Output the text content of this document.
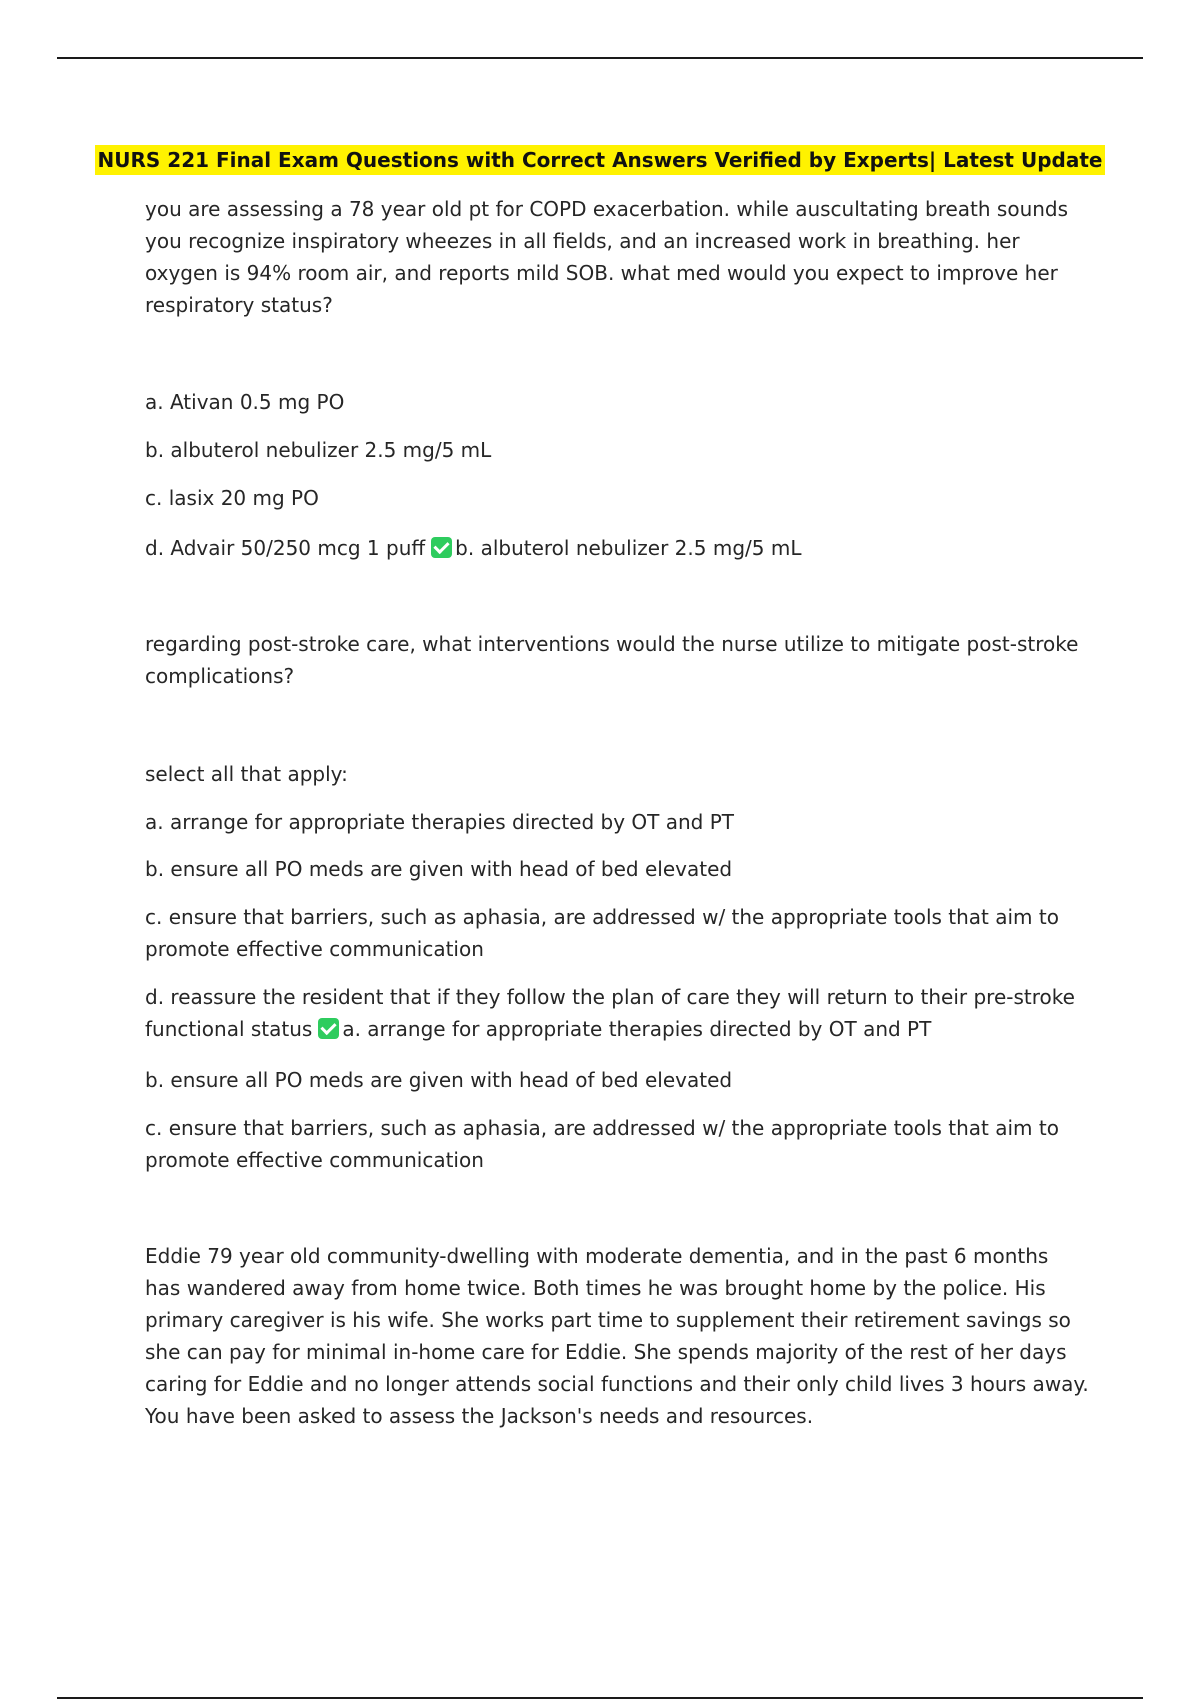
NURS 221 Final Exam Questions with Correct Answers Verified by Experts| Latest Update

you are assessing a 78 year old pt for COPD exacerbation. while auscultating breath sounds you recognize inspiratory wheezes in all fields, and an increased work in breathing. her oxygen is 94% room air, and reports mild SOB. what med would you expect to improve her respiratory status?

a. Ativan 0.5 mg PO

b. albuterol nebulizer 2.5 mg/5 mL

c. lasix 20 mg PO

d. Advair 50/250 mcg 1 puff b. albuterol nebulizer 2.5 mg/5 mL

regarding post-stroke care, what interventions would the nurse utilize to mitigate post-stroke complications?

select all that apply:

a. arrange for appropriate therapies directed by OT and PT

b. ensure all PO meds are given with head of bed elevated

c. ensure that barriers, such as aphasia, are addressed w/ the appropriate tools that aim to promote effective communication

d. reassure the resident that if they follow the plan of care they will return to their pre-stroke functional status a. arrange for appropriate therapies directed by OT and PT

b. ensure all PO meds are given with head of bed elevated

c. ensure that barriers, such as aphasia, are addressed w/ the appropriate tools that aim to promote effective communication

Eddie 79 year old community-dwelling with moderate dementia, and in the past 6 months has wandered away from home twice. Both times he was brought home by the police. His primary caregiver is his wife. She works part time to supplement their retirement savings so she can pay for minimal in-home care for Eddie. She spends majority of the rest of her days caring for Eddie and no longer attends social functions and their only child lives 3 hours away. You have been asked to assess the Jackson's needs and resources.
